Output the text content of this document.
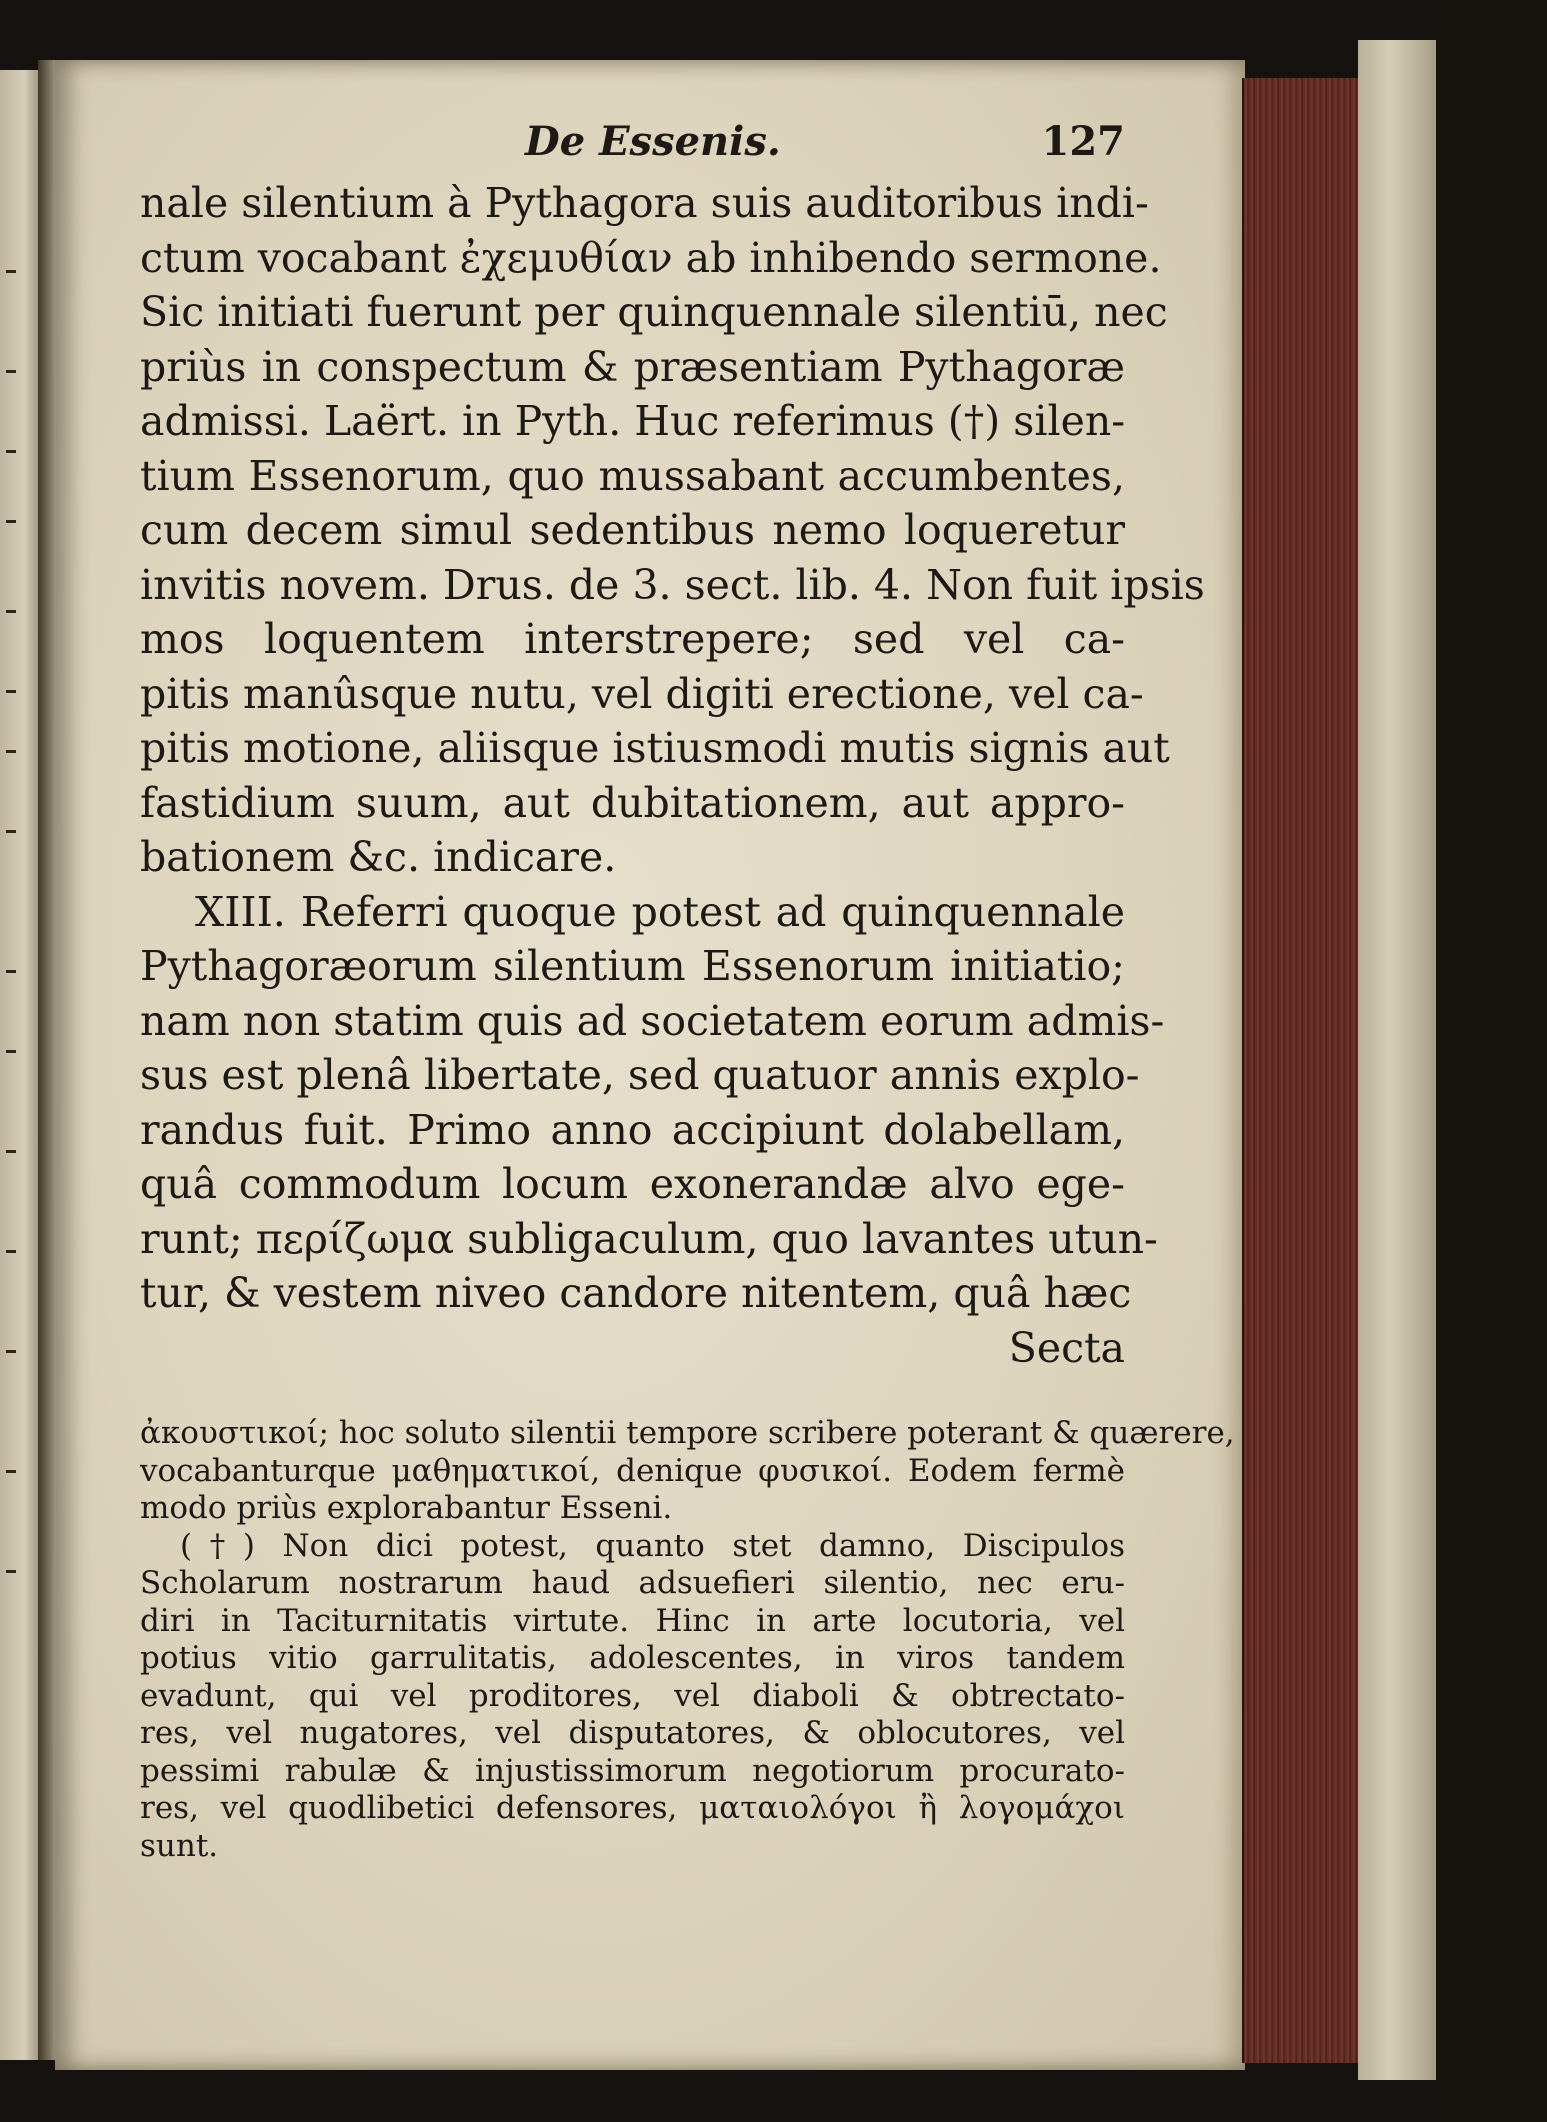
De Essenis.	127
nale silentium à Pythagora suis auditoribus indi-
ctum vocabant ἐχεμυθίαν ab inhibendo sermone.
Sic initiati fuerunt per quinquennale silentiū, nec
priùs in conspectum & præsentiam Pythagoræ
admissi. Laërt. in Pyth. Huc referimus (†) silen-
tium Essenorum, quo mussabant accumbentes,
cum decem simul sedentibus nemo loqueretur
invitis novem. Drus. de 3. sect. lib. 4. Non fuit ipsis
mos loquentem interstrepere; sed vel ca-
pitis manûsque nutu, vel digiti erectione, vel ca-
pitis motione, aliisque istiusmodi mutis signis aut
fastidium suum, aut dubitationem, aut appro-
bationem &c. indicare.
XIII. Referri quoque potest ad quinquennale
Pythagoræorum silentium Essenorum initiatio;
nam non statim quis ad societatem eorum admis-
sus est plenâ libertate, sed quatuor annis explo-
randus fuit. Primo anno accipiunt dolabellam,
quâ commodum locum exonerandæ alvo ege-
runt; περίζωμα subligaculum, quo lavantes utun-
tur, & vestem niveo candore nitentem, quâ hæc
Secta
ἀκουστικοί; hoc soluto silentii tempore scribere poterant & quærere,
vocabanturque μαθηματικοί, denique φυσικοί. Eodem fermè
modo priùs explorabantur Esseni.
(†) Non dici potest, quanto stet damno, Discipulos
Scholarum nostrarum haud adsuefieri silentio, nec eru-
diri in Taciturnitatis virtute. Hinc in arte locutoria, vel
potius vitio garrulitatis, adolescentes, in viros tandem
evadunt, qui vel proditores, vel diaboli & obtrectato-
res, vel nugatores, vel disputatores, & oblocutores, vel
pessimi rabulæ & injustissimorum negotiorum procurato-
res, vel quodlibetici defensores, ματαιολόγοι ἢ λογομάχοι
sunt.
